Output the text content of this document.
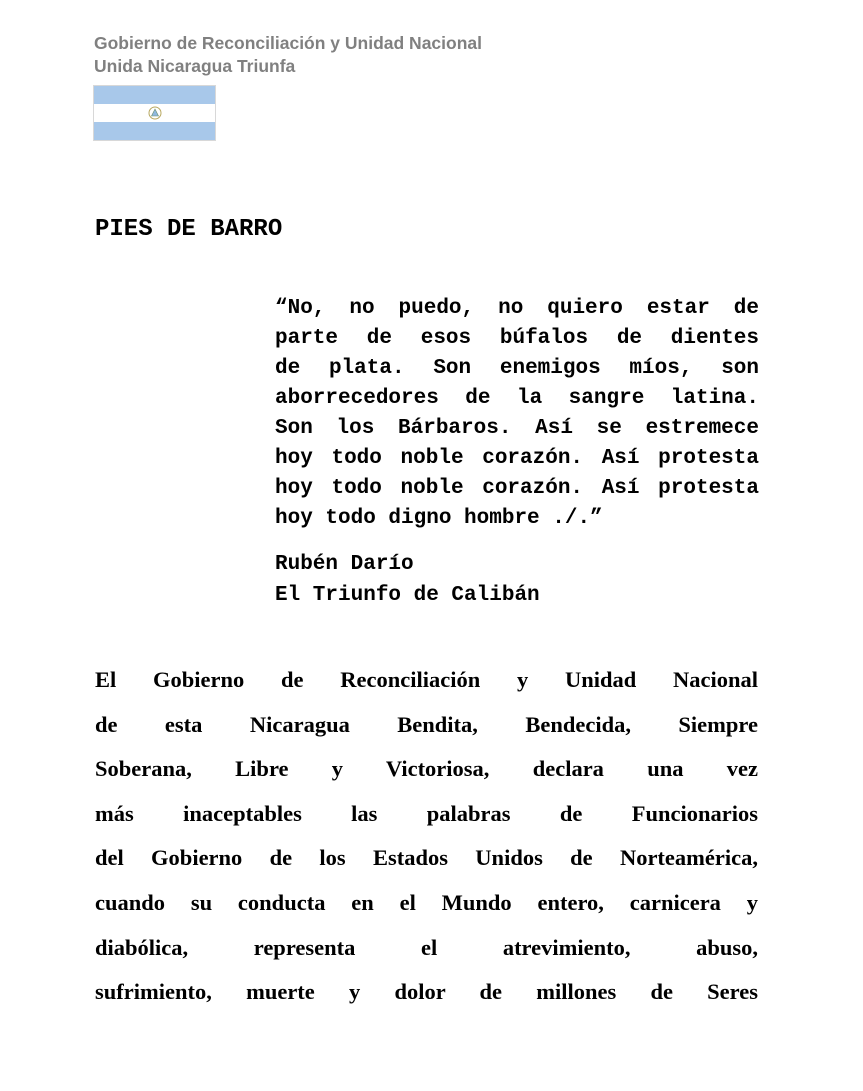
Gobierno de Reconciliación y Unidad Nacional
Unida Nicaragua Triunfa
PIES DE BARRO
“No, no puedo, no quiero estar de
parte de esos búfalos de dientes
de plata. Son enemigos míos, son
aborrecedores de la sangre latina.
Son los Bárbaros. Así se estremece
hoy todo noble corazón. Así protesta
hoy todo noble corazón. Así protesta
hoy todo digno hombre ./.”
Rubén Darío
El Triunfo de Calibán
El Gobierno de Reconciliación y Unidad Nacional
de esta Nicaragua Bendita, Bendecida, Siempre
Soberana, Libre y Victoriosa, declara una vez
más inaceptables las palabras de Funcionarios
del Gobierno de los Estados Unidos de Norteamérica,
cuando su conducta en el Mundo entero, carnicera y
diabólica, representa el atrevimiento, abuso,
sufrimiento, muerte y dolor de millones de Seres
